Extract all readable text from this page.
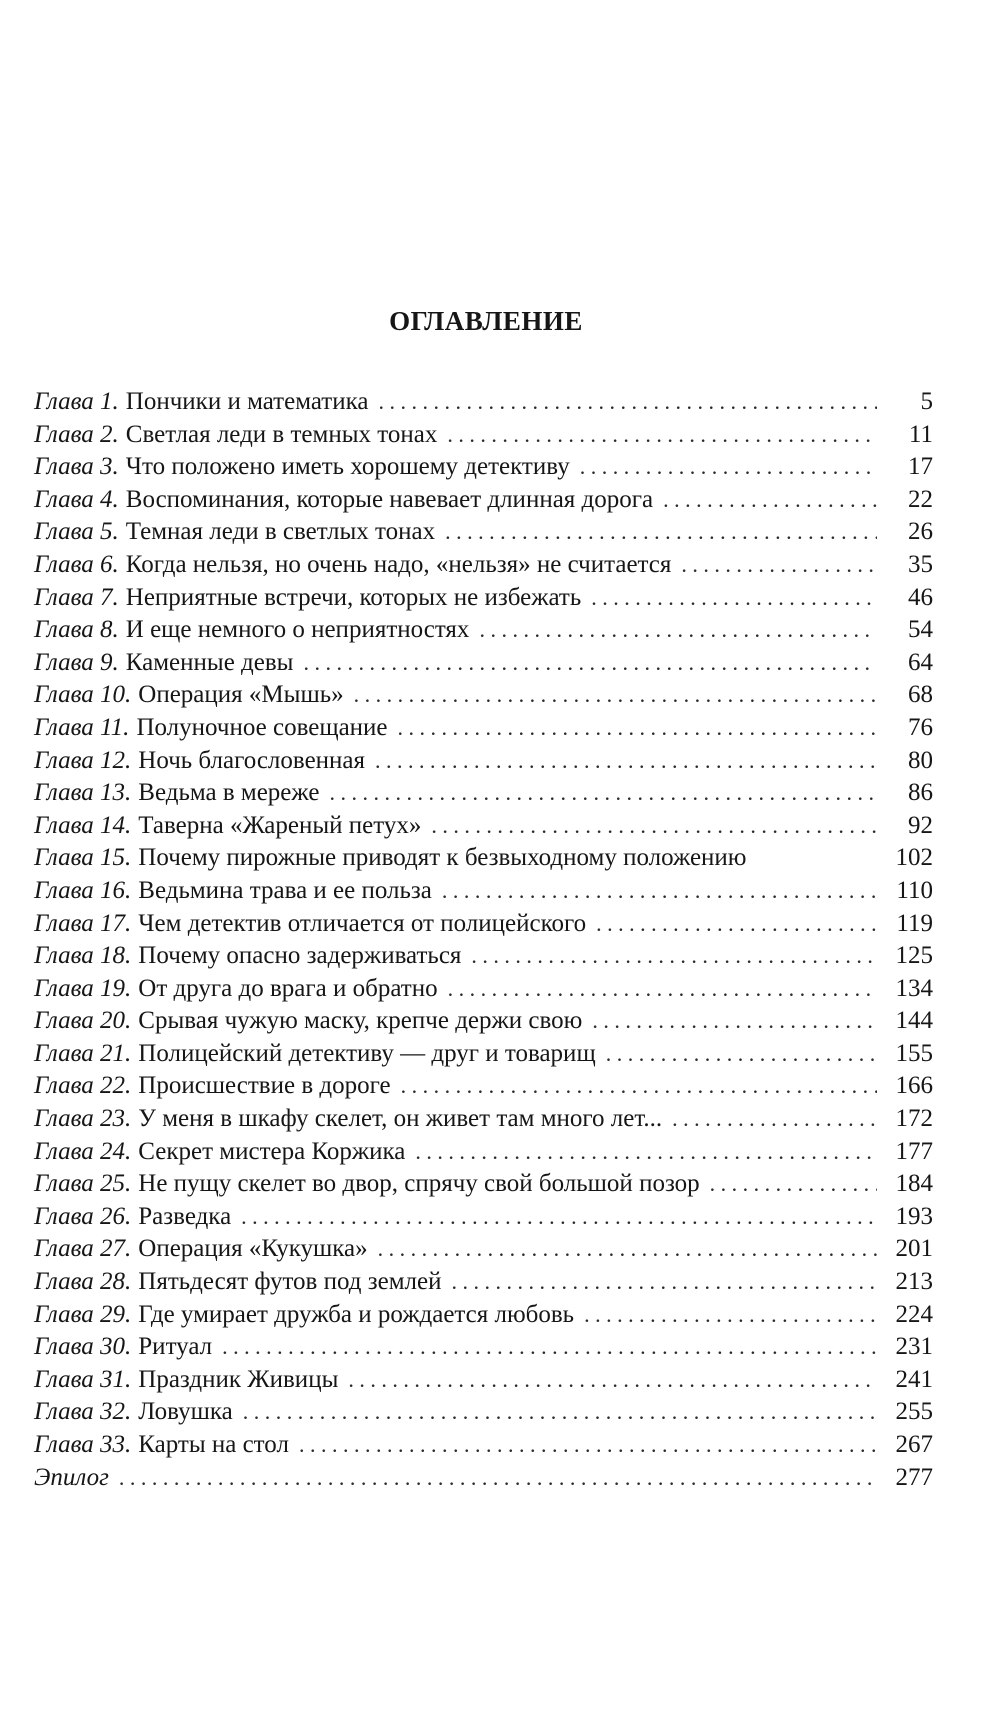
ОГЛАВЛЕНИЕ
Глава 1. Пончики и математика . . .	5
Глава 2. Светлая леди в темных тонах . . .	11
Глава 3. Что положено иметь хорошему детективу . . .	17
Глава 4. Воспоминания, которые навевает длинная дорога . . .	22
Глава 5. Темная леди в светлых тонах . . .	26
Глава 6. Когда нельзя, но очень надо, «нельзя» не считается . . .	35
Глава 7. Неприятные встречи, которых не избежать . . .	46
Глава 8. И еще немного о неприятностях . . .	54
Глава 9. Каменные девы . . .	64
Глава 10. Операция «Мышь» . . .	68
Глава 11. Полуночное совещание . . .	76
Глава 12. Ночь благословенная . . .	80
Глава 13. Ведьма в мереже . . .	86
Глава 14. Таверна «Жареный петух» . . .	92
Глава 15. Почему пирожные приводят к безвыходному положению	102
Глава 16. Ведьмина трава и ее польза . . .	110
Глава 17. Чем детектив отличается от полицейского . . .	119
Глава 18. Почему опасно задерживаться . . .	125
Глава 19. От друга до врага и обратно . . .	134
Глава 20. Срывая чужую маску, крепче держи свою . . .	144
Глава 21. Полицейский детективу — друг и товарищ . . .	155
Глава 22. Происшествие в дороге . . .	166
Глава 23. У меня в шкафу скелет, он живет там много лет... . . .	172
Глава 24. Секрет мистера Коржика . . .	177
Глава 25. Не пущу скелет во двор, спрячу свой большой позор . . .	184
Глава 26. Разведка . . .	193
Глава 27. Операция «Кукушка» . . .	201
Глава 28. Пятьдесят футов под землей . . .	213
Глава 29. Где умирает дружба и рождается любовь . . .	224
Глава 30. Ритуал . . .	231
Глава 31. Праздник Живицы . . .	241
Глава 32. Ловушка . . .	255
Глава 33. Карты на стол . . .	267
Эпилог . . .	277
